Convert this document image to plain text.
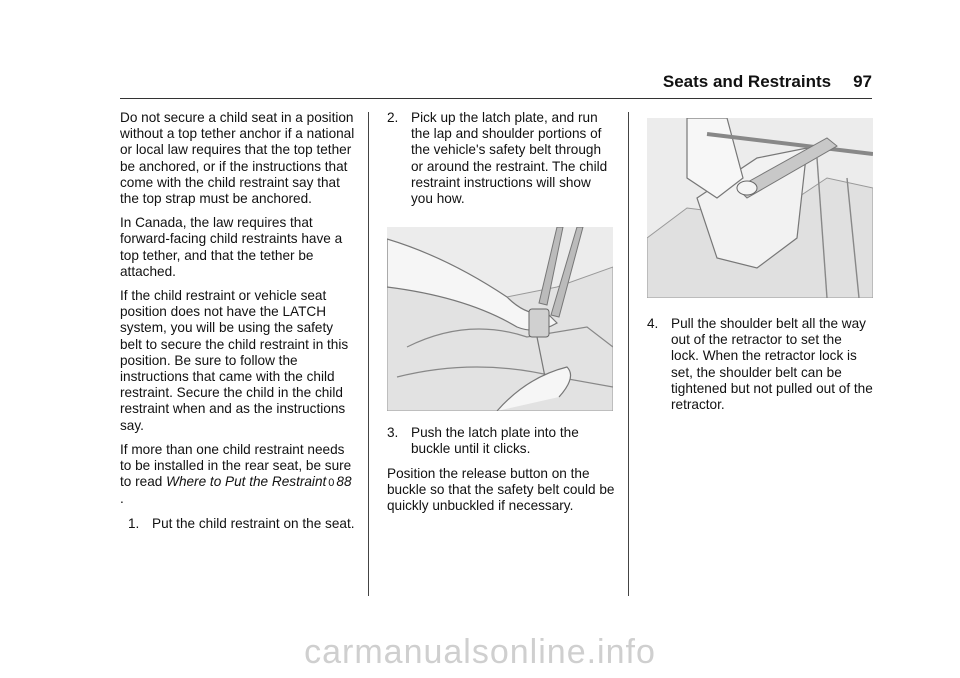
Seats and Restraints 97

Do not secure a child seat in a position without a top tether anchor if a national or local law requires that the top tether be anchored, or if the instructions that come with the child restraint say that the top strap must be anchored.

In Canada, the law requires that forward-facing child restraints have a top tether, and that the tether be attached.

If the child restraint or vehicle seat position does not have the LATCH system, you will be using the safety belt to secure the child restraint in this position. Be sure to follow the instructions that came with the child restraint. Secure the child in the child restraint when and as the instructions say.

If more than one child restraint needs to be installed in the rear seat, be sure to read Where to Put the Restraint 0 88 .

1. Put the child restraint on the seat.
2. Pick up the latch plate, and run the lap and shoulder portions of the vehicle's safety belt through or around the restraint. The child restraint instructions will show you how.
3. Push the latch plate into the buckle until it clicks.

Position the release button on the buckle so that the safety belt could be quickly unbuckled if necessary.

4. Pull the shoulder belt all the way out of the retractor to set the lock. When the retractor lock is set, the shoulder belt can be tightened but not pulled out of the retractor.
carmanualsonline.info
